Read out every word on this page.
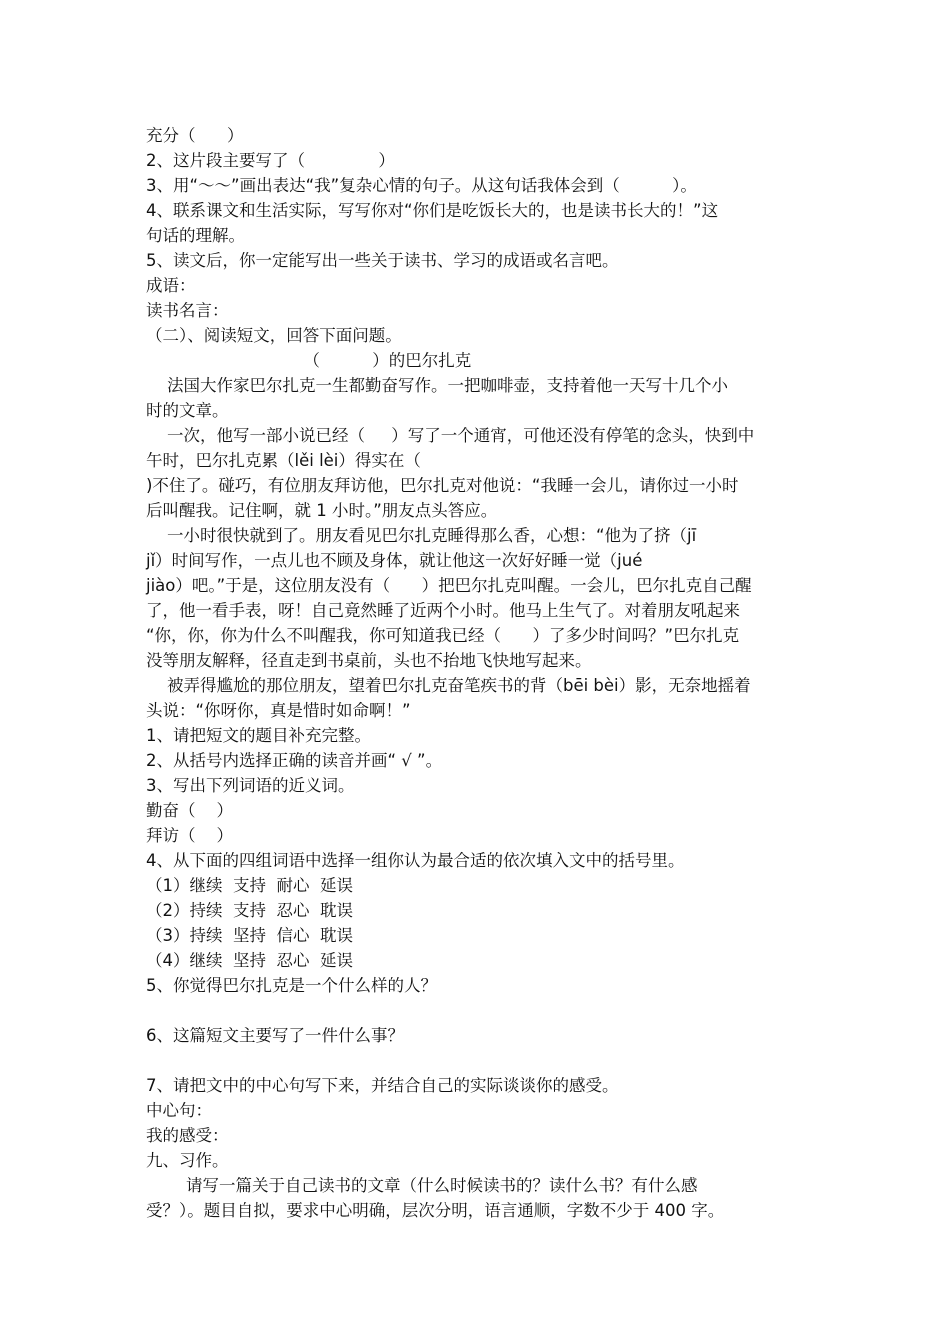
充分（      ）

2、这片段主要写了（              ）

3、用“～～”画出表达“我”复杂心情的句子。从这句话我体会到（          ）。

4、联系课文和生活实际，写写你对“你们是吃饭长大的，也是读书长大的！”这

句话的理解。

5、读文后，你一定能写出一些关于读书、学习的成语或名言吧。

成语：

读书名言：

（二）、阅读短文，回答下面问题。

（          ）的巴尔扎克

法国大作家巴尔扎克一生都勤奋写作。一把咖啡壶，支持着他一天写十几个小

时的文章。

一次，他写一部小说已经（     ）写了一个通宵，可他还没有停笔的念头，快到中

午时，巴尔扎克累（lěi lèi）得实在（

)不住了。碰巧，有位朋友拜访他，巴尔扎克对他说：“我睡一会儿，请你过一小时

后叫醒我。记住啊，就 1 小时。”朋友点头答应。

一小时很快就到了。朋友看见巴尔扎克睡得那么香，心想：“他为了挤（jī

jǐ）时间写作，一点儿也不顾及身体，就让他这一次好好睡一觉（jué

jiào）吧。”于是，这位朋友没有（      ）把巴尔扎克叫醒。一会儿，巴尔扎克自己醒

了，他一看手表，呀！自己竟然睡了近两个小时。他马上生气了。对着朋友吼起来

“你，你，你为什么不叫醒我，你可知道我已经（      ）了多少时间吗？”巴尔扎克

没等朋友解释，径直走到书桌前，头也不抬地飞快地写起来。

被弄得尴尬的那位朋友，望着巴尔扎克奋笔疾书的背（bēi bèi）影，无奈地摇着

头说：“你呀你，真是惜时如命啊！”

1、请把短文的题目补充完整。

2、从括号内选择正确的读音并画“ √ ”。

3、写出下列词语的近义词。

勤奋（    ）

拜访（    ）

4、从下面的四组词语中选择一组你认为最合适的依次填入文中的括号里。

（1）继续  支持  耐心  延误

（2）持续  支持  忍心  耽误

（3）持续  坚持  信心  耽误

（4）继续  坚持  忍心  延误

5、你觉得巴尔扎克是一个什么样的人？

6、这篇短文主要写了一件什么事？

7、请把文中的中心句写下来，并结合自己的实际谈谈你的感受。

中心句：

我的感受：

九、习作。

请写一篇关于自己读书的文章（什么时候读书的？读什么书？有什么感

受？）。题目自拟，要求中心明确，层次分明，语言通顺，字数不少于 400 字。
